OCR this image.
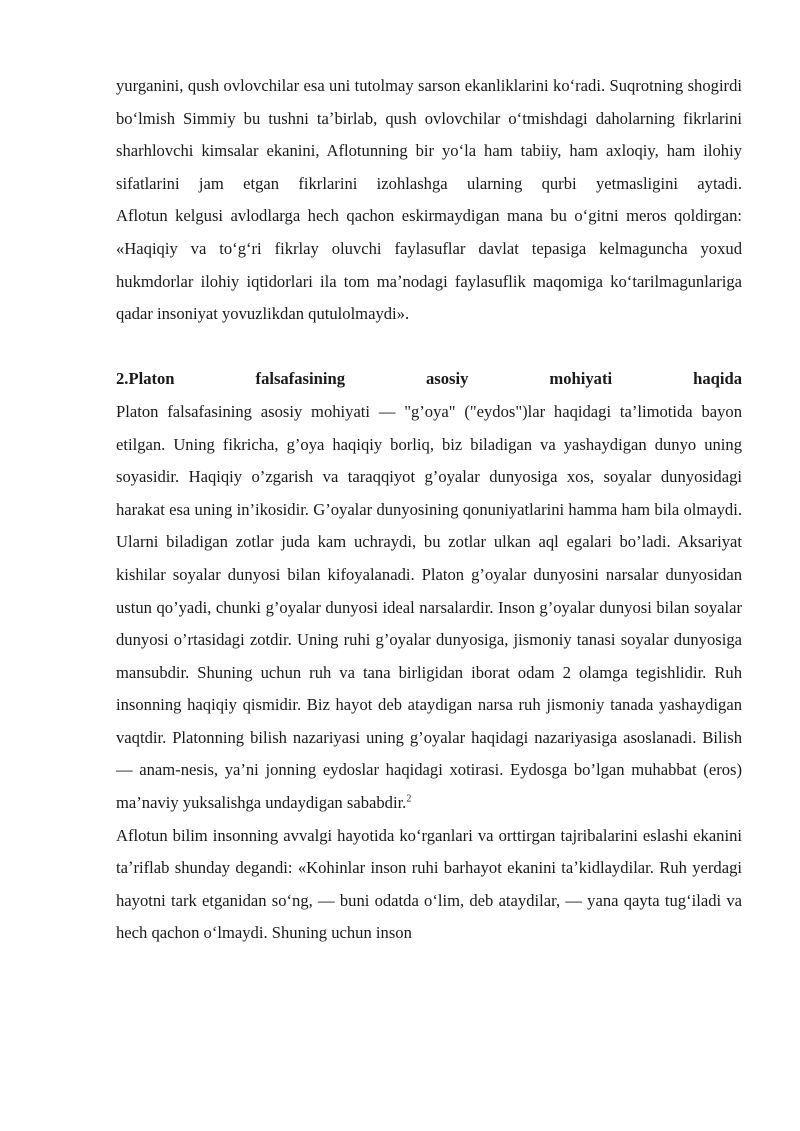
yurganini, qush ovlovchilar esa uni tutolmay sarson ekanliklarini koʻradi. Suqrotning shogirdi boʻlmish Simmiy bu tushni taʼbirlab, qush ovlovchilar oʻtmishdagi daholarning fikrlarini sharhlovchi kimsalar ekanini, Aflotunning bir yoʻla ham tabiiy, ham axloqiy, ham ilohiy sifatlarini jam etgan fikrlarini izohlashga ularning qurbi yetmasligini aytadi.

Aflotun kelgusi avlodlarga hech qachon eskirmaydigan mana bu oʻgitni meros qoldirgan: «Haqiqiy va toʻgʻri fikrlay oluvchi faylasuflar davlat tepasiga kelmaguncha yoxud hukmdorlar ilohiy iqtidorlari ila tom maʼnodagi faylasuflik maqomiga koʻtarilmagunlariga qadar insoniyat yovuzlikdan qutulolmaydi».

2.Platon falsafasining asosiy mohiyati haqida

Platon falsafasining asosiy mohiyati — "g’oya" ("eydos")lar haqidagi ta’limotida bayon etilgan. Uning fikricha, g’oya haqiqiy borliq, biz biladigan va yashaydigan dunyo uning soyasidir. Haqiqiy o’zgarish va taraqqiyot g’oyalar dunyosiga xos, soyalar dunyosidagi harakat esa uning in’ikosidir. G’oyalar dunyosining qonuniyatlarini hamma ham bila olmaydi. Ularni biladigan zotlar juda kam uchraydi, bu zotlar ulkan aql egalari bo’ladi. Aksariyat kishilar soyalar dunyosi bilan kifoyalanadi. Platon g’oyalar dunyosini narsalar dunyosidan ustun qo’yadi, chunki g’oyalar dunyosi ideal narsalardir. Inson g’oyalar dunyosi bilan soyalar dunyosi o’rtasidagi zotdir. Uning ruhi g’oyalar dunyosiga, jismoniy tanasi soyalar dunyosiga mansubdir. Shuning uchun ruh va tana birligidan iborat odam 2 olamga tegishlidir. Ruh insonning haqiqiy qismidir. Biz hayot deb ataydigan narsa ruh jismoniy tanada yashaydigan vaqtdir. Platonning bilish nazariyasi uning g’oyalar haqidagi nazariyasiga asoslanadi. Bilish — anam-nesis, ya’ni jonning eydoslar haqidagi xotirasi. Eydosga bo’lgan muhabbat (eros) ma’naviy yuksalishga undaydigan sababdir.$^2$

Aflotun bilim insonning avvalgi hayotida koʻrganlari va orttirgan tajribalarini eslashi ekanini taʼriflab shunday degandi: «Kohinlar inson ruhi barhayot ekanini taʼkidlaydilar. Ruh yerdagi hayotni tark etganidan soʻng, — buni odatda oʻlim, deb ataydilar, — yana qayta tugʻiladi va hech qachon oʻlmaydi. Shuning uchun inson
